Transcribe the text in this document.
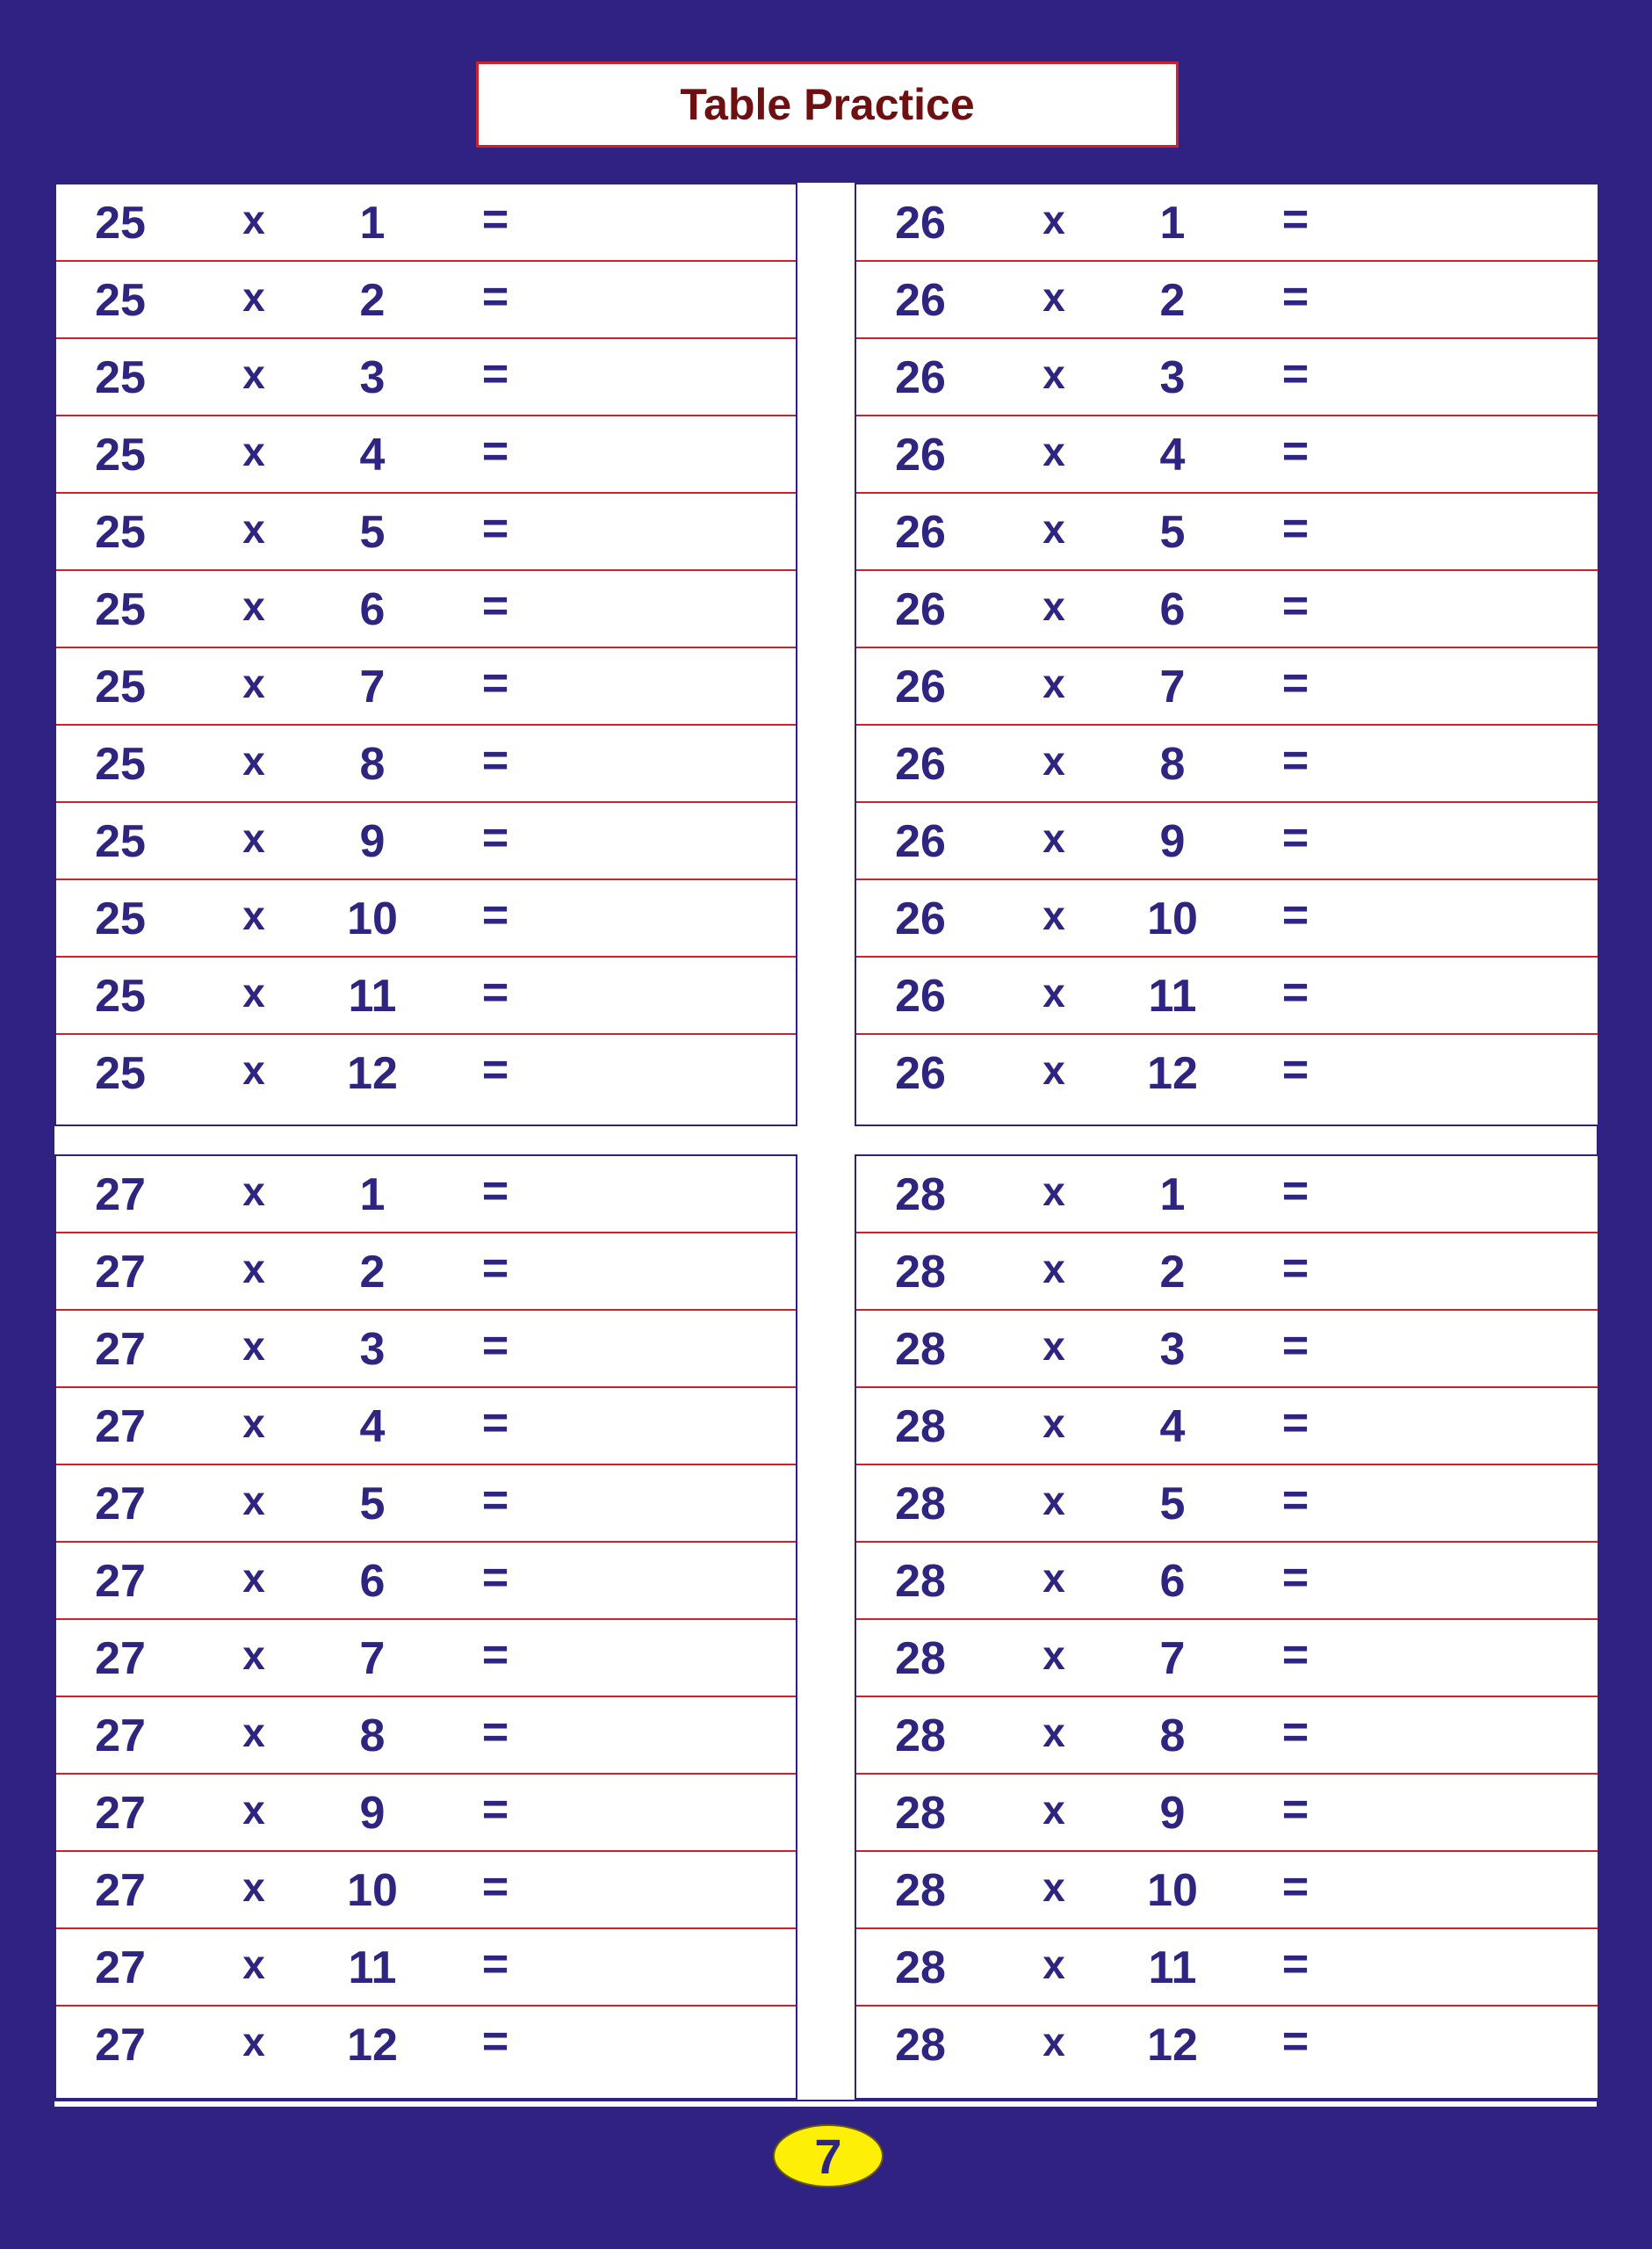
Table Practice
25	x	1	=
25	x	2	=
25	x	3	=
25	x	4	=
25	x	5	=
25	x	6	=
25	x	7	=
25	x	8	=
25	x	9	=
25	x	10	=
25	x	11	=
25	x	12	=
26	x	1	=
26	x	2	=
26	x	3	=
26	x	4	=
26	x	5	=
26	x	6	=
26	x	7	=
26	x	8	=
26	x	9	=
26	x	10	=
26	x	11	=
26	x	12	=
27	x	1	=
27	x	2	=
27	x	3	=
27	x	4	=
27	x	5	=
27	x	6	=
27	x	7	=
27	x	8	=
27	x	9	=
27	x	10	=
27	x	11	=
27	x	12	=
28	x	1	=
28	x	2	=
28	x	3	=
28	x	4	=
28	x	5	=
28	x	6	=
28	x	7	=
28	x	8	=
28	x	9	=
28	x	10	=
28	x	11	=
28	x	12	=
7
